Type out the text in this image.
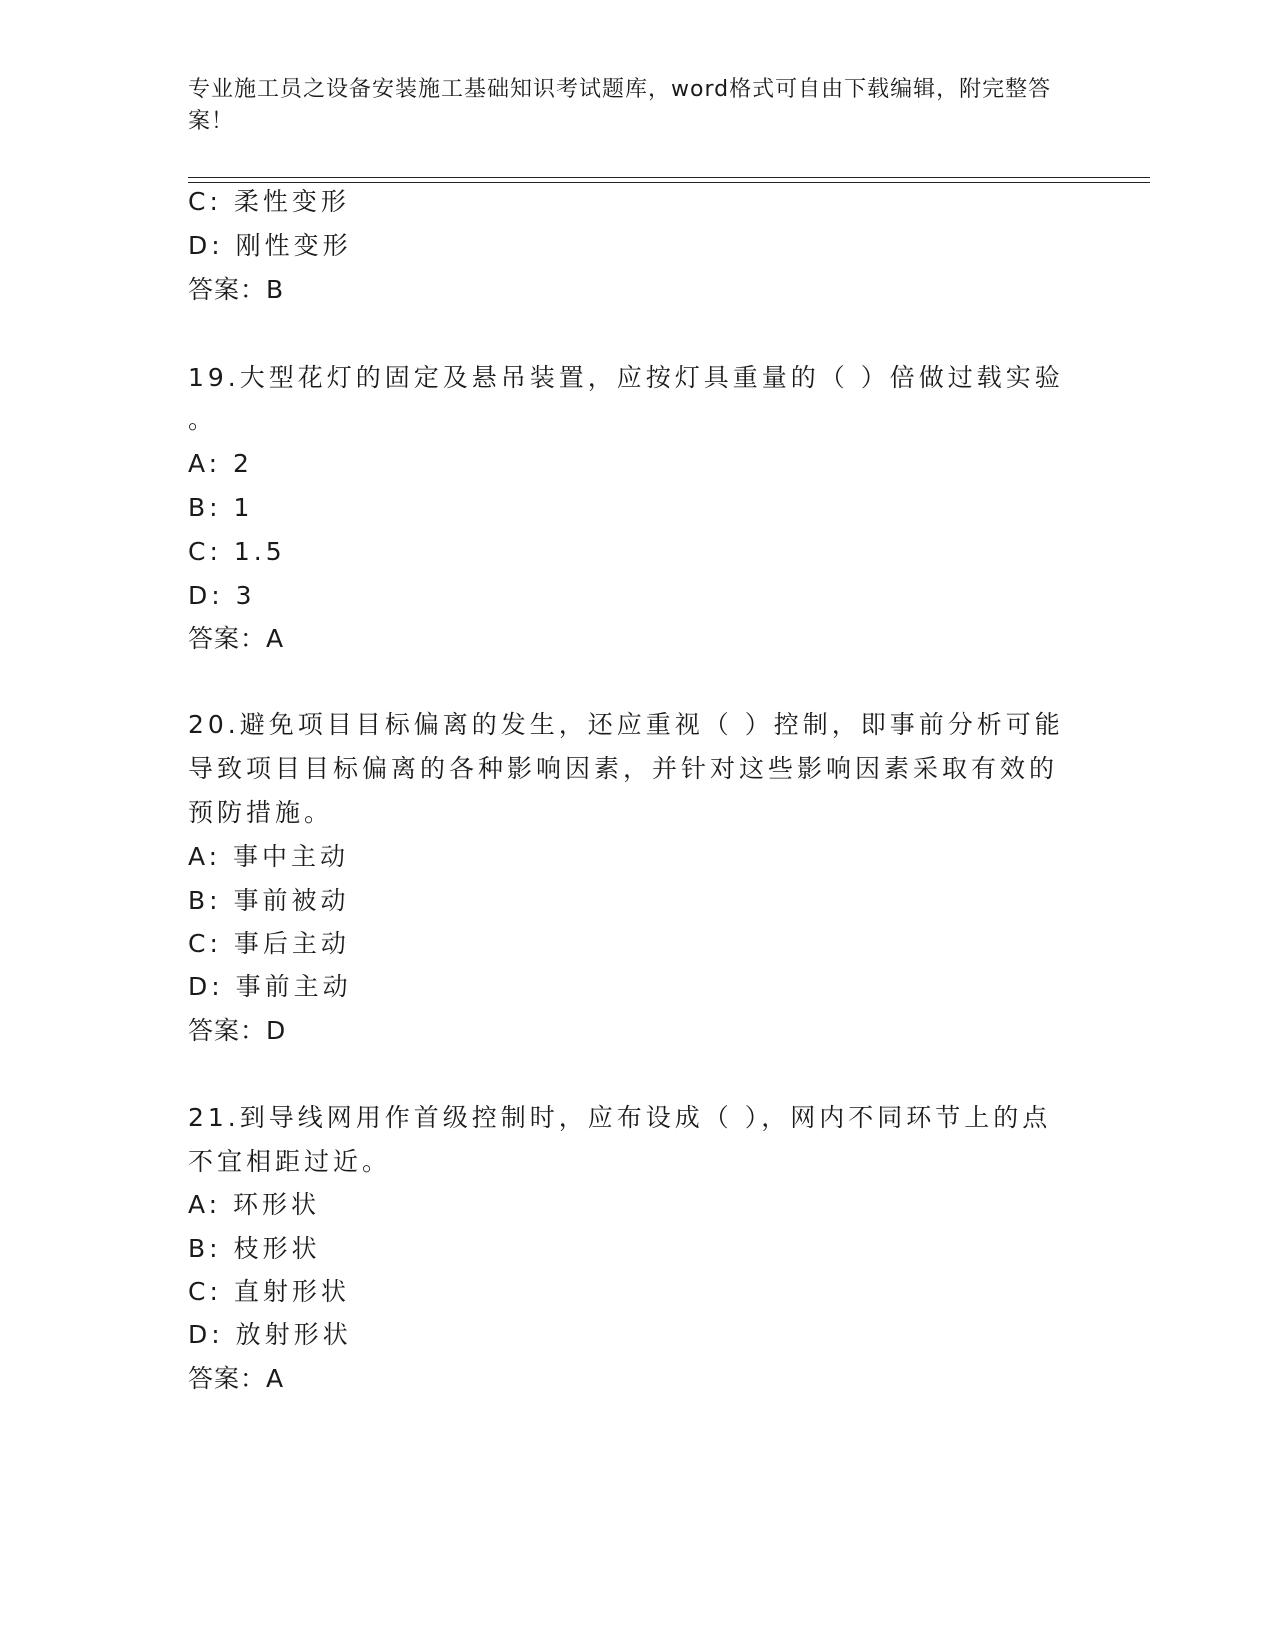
专业施工员之设备安装施工基础知识考试题库，word格式可自由下载编辑，附完整答案！
C: 柔性变形
D: 刚性变形
答案：B
19.大型花灯的固定及悬吊装置，应按灯具重量的（ ）倍做过载实验
。
A: 2
B: 1
C: 1.5
D: 3
答案：A
20.避免项目目标偏离的发生，还应重视（ ）控制，即事前分析可能
导致项目目标偏离的各种影响因素，并针对这些影响因素采取有效的
预防措施。
A: 事中主动
B: 事前被动
C: 事后主动
D: 事前主动
答案：D
21.到导线网用作首级控制时，应布设成（ ），网内不同环节上的点
不宜相距过近。
A: 环形状
B: 枝形状
C: 直射形状
D: 放射形状
答案：A
